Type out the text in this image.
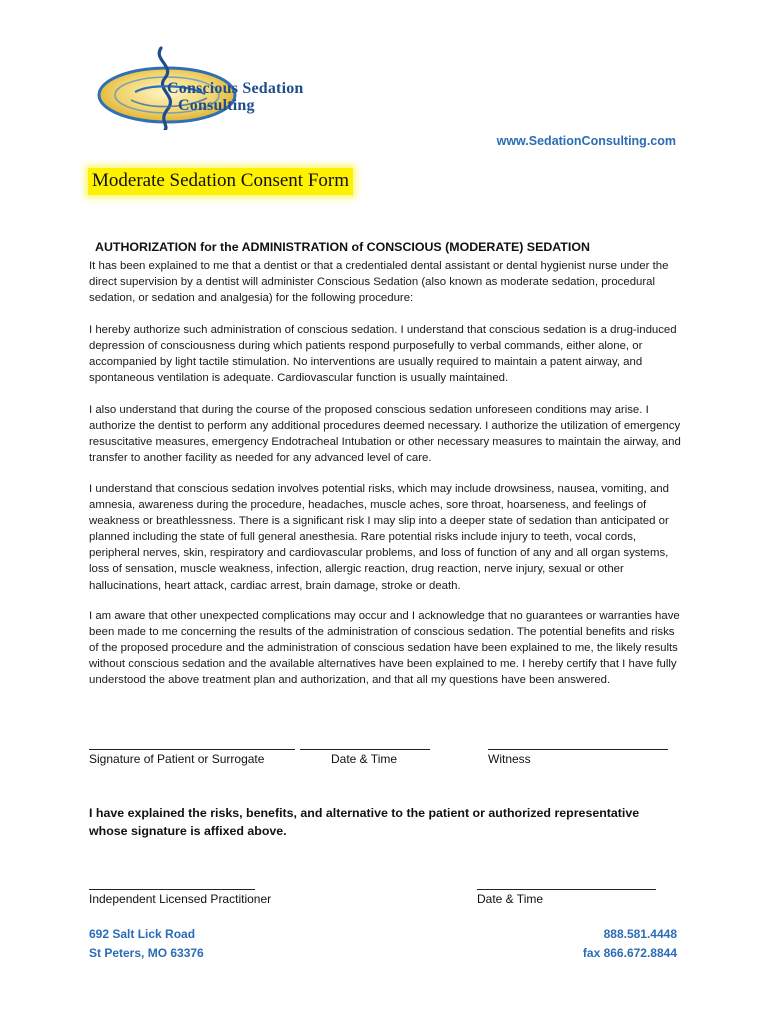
Conscious Sedation
Consulting
www.SedationConsulting.com
Moderate Sedation Consent Form
AUTHORIZATION for the ADMINISTRATION of CONSCIOUS (MODERATE) SEDATION

It has been explained to me that a dentist or that a credentialed dental assistant or dental hygienist nurse under the direct supervision by a dentist will administer Conscious Sedation (also known as moderate sedation, procedural sedation, or sedation and analgesia) for the following procedure:

I hereby authorize such administration of conscious sedation. I understand that conscious sedation is a drug-induced depression of consciousness during which patients respond purposefully to verbal commands, either alone, or accompanied by light tactile stimulation. No interventions are usually required to maintain a patent airway, and spontaneous ventilation is adequate. Cardiovascular function is usually maintained.

I also understand that during the course of the proposed conscious sedation unforeseen conditions may arise. I authorize the dentist to perform any additional procedures deemed necessary. I authorize the utilization of emergency resuscitative measures, emergency Endotracheal Intubation or other necessary measures to maintain the airway, and transfer to another facility as needed for any advanced level of care.

I understand that conscious sedation involves potential risks, which may include drowsiness, nausea, vomiting, and amnesia, awareness during the procedure, headaches, muscle aches, sore throat, hoarseness, and feelings of weakness or breathlessness. There is a significant risk I may slip into a deeper state of sedation than anticipated or planned including the state of full general anesthesia. Rare potential risks include injury to teeth, vocal cords, peripheral nerves, skin, respiratory and cardiovascular problems, and loss of function of any and all organ systems, loss of sensation, muscle weakness, infection, allergic reaction, drug reaction, nerve injury, sexual or other hallucinations, heart attack, cardiac arrest, brain damage, stroke or death.

I am aware that other unexpected complications may occur and I acknowledge that no guarantees or warranties have been made to me concerning the results of the administration of conscious sedation. The potential benefits and risks of the proposed procedure and the administration of conscious sedation have been explained to me, the likely results without conscious sedation and the available alternatives have been explained to me. I hereby certify that I have fully understood the above treatment plan and authorization, and that all my questions have been answered.

Signature of Patient or Surrogate	Date & Time	Witness
I have explained the risks, benefits, and alternative to the patient or authorized representative whose signature is affixed above.
Independent Licensed Practitioner	Date & Time
692 Salt Lick Road
St Peters, MO 63376
888.581.4448
fax 866.672.8844
